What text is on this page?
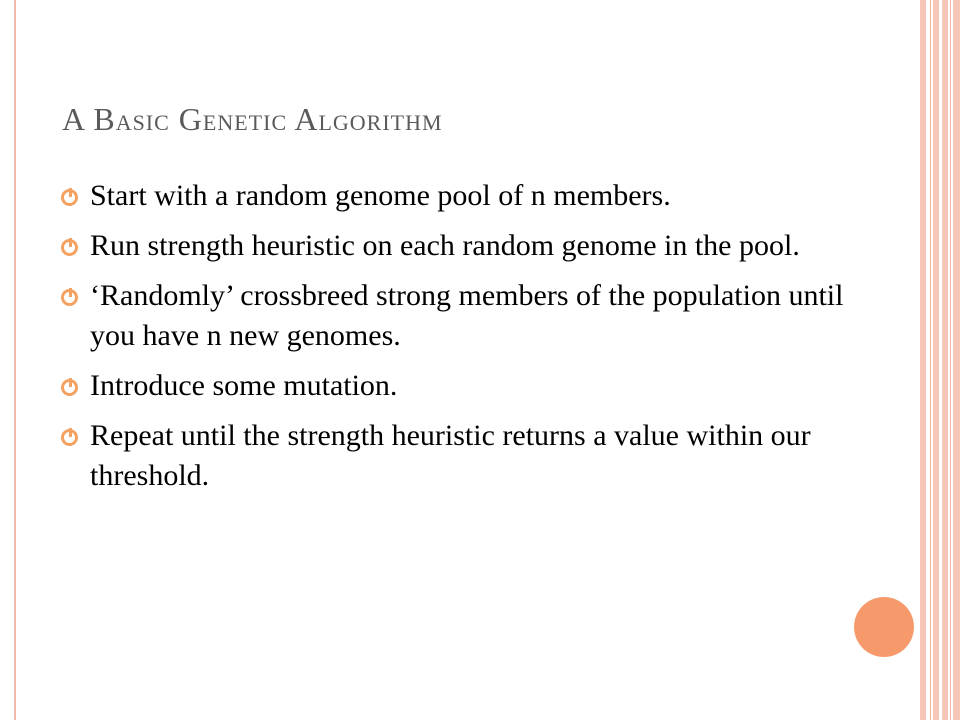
A Basic Genetic Algorithm
Start with a random genome pool of n members.
Run strength heuristic on each random genome in the pool.
‘Randomly’ crossbreed strong members of the population until you have n new genomes.
Introduce some mutation.
Repeat until the strength heuristic returns a value within our threshold.
